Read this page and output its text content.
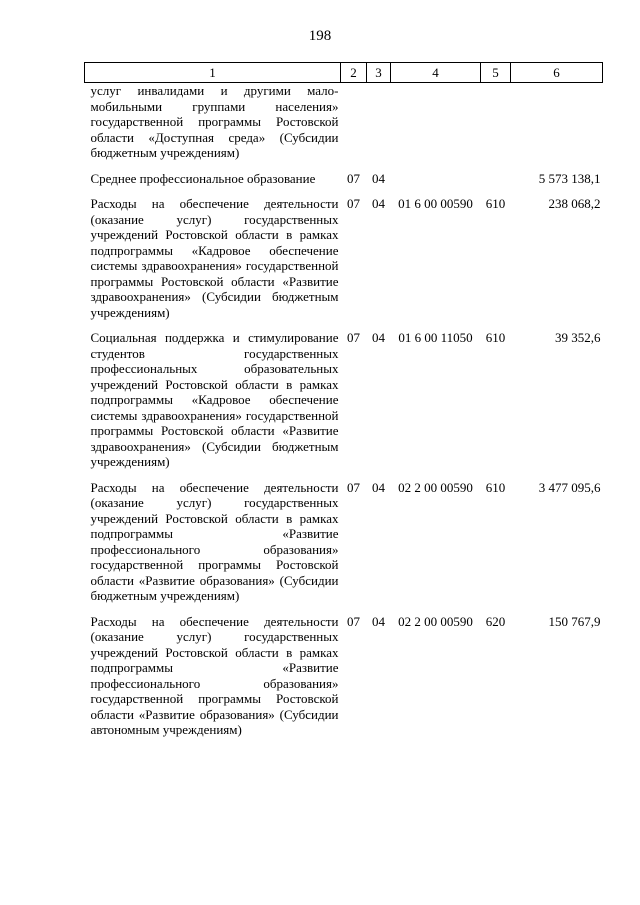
198
1	2	3	4	5	6
услуг инвалидами и другими маломобильными группами населения» государственной программы Ростовской области «Доступная среда» (Субсидии бюджетным учреждениям)					
Среднее профессиональное образование	07	04			5 573 138,1
Расходы на обеспечение деятельности (оказание услуг) государственных учреждений Ростовской области в рамках подпрограммы «Кадровое обеспечение системы здравоохранения» государственной программы Ростовской области «Развитие здравоохранения» (Субсидии бюджетным учреждениям)	07	04	01 6 00 00590	610	238 068,2
Социальная поддержка и стимулирование студентов государственных профессиональных образовательных учреждений Ростовской области в рамках подпрограммы «Кадровое обеспечение системы здравоохранения» государственной программы Ростовской области «Развитие здравоохранения» (Субсидии бюджетным учреждениям)	07	04	01 6 00 11050	610	39 352,6
Расходы на обеспечение деятельности (оказание услуг) государственных учреждений Ростовской области в рамках подпрограммы «Развитие профессионального образования» государственной программы Ростовской области «Развитие образования» (Субсидии бюджетным учреждениям)	07	04	02 2 00 00590	610	3 477 095,6
Расходы на обеспечение деятельности (оказание услуг) государственных учреждений Ростовской области в рамках подпрограммы «Развитие профессионального образования» государственной программы Ростовской области «Развитие образования» (Субсидии автономным учреждениям)	07	04	02 2 00 00590	620	150 767,9
